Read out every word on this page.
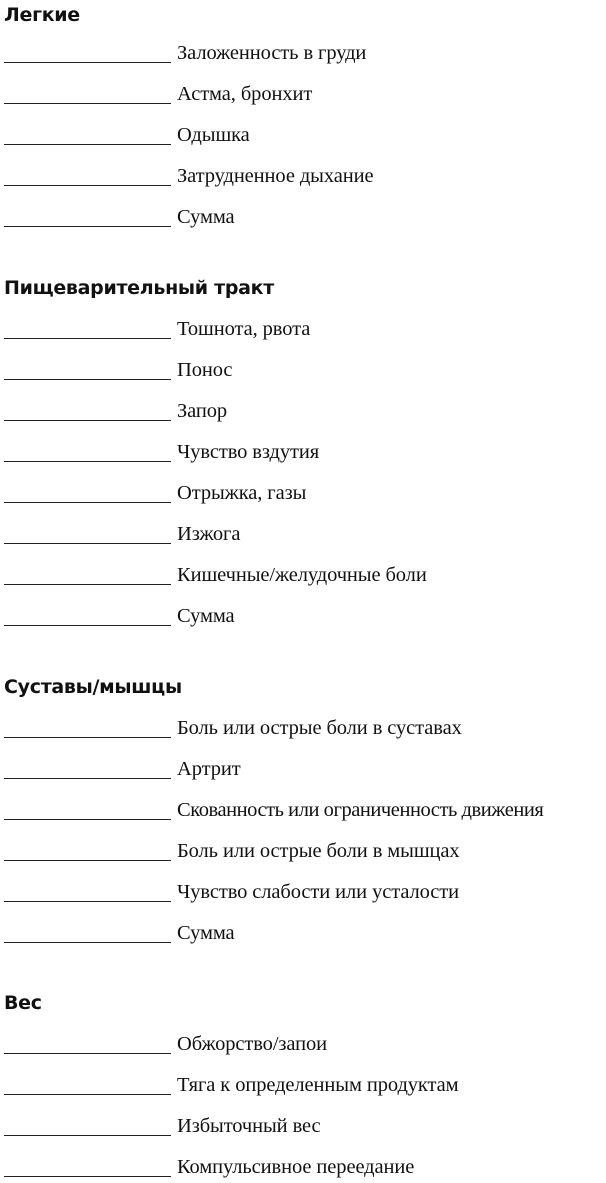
Легкие
Заложенность в груди
Астма, бронхит
Одышка
Затрудненное дыхание
Сумма
Пищеварительный тракт
Тошнота, рвота
Понос
Запор
Чувство вздутия
Отрыжка, газы
Изжога
Кишечные/желудочные боли
Сумма
Суставы/мышцы
Боль или острые боли в суставах
Артрит
Скованность или ограниченность движения
Боль или острые боли в мышцах
Чувство слабости или усталости
Сумма
Вес
Обжорство/запои
Тяга к определенным продуктам
Избыточный вес
Компульсивное переедание
